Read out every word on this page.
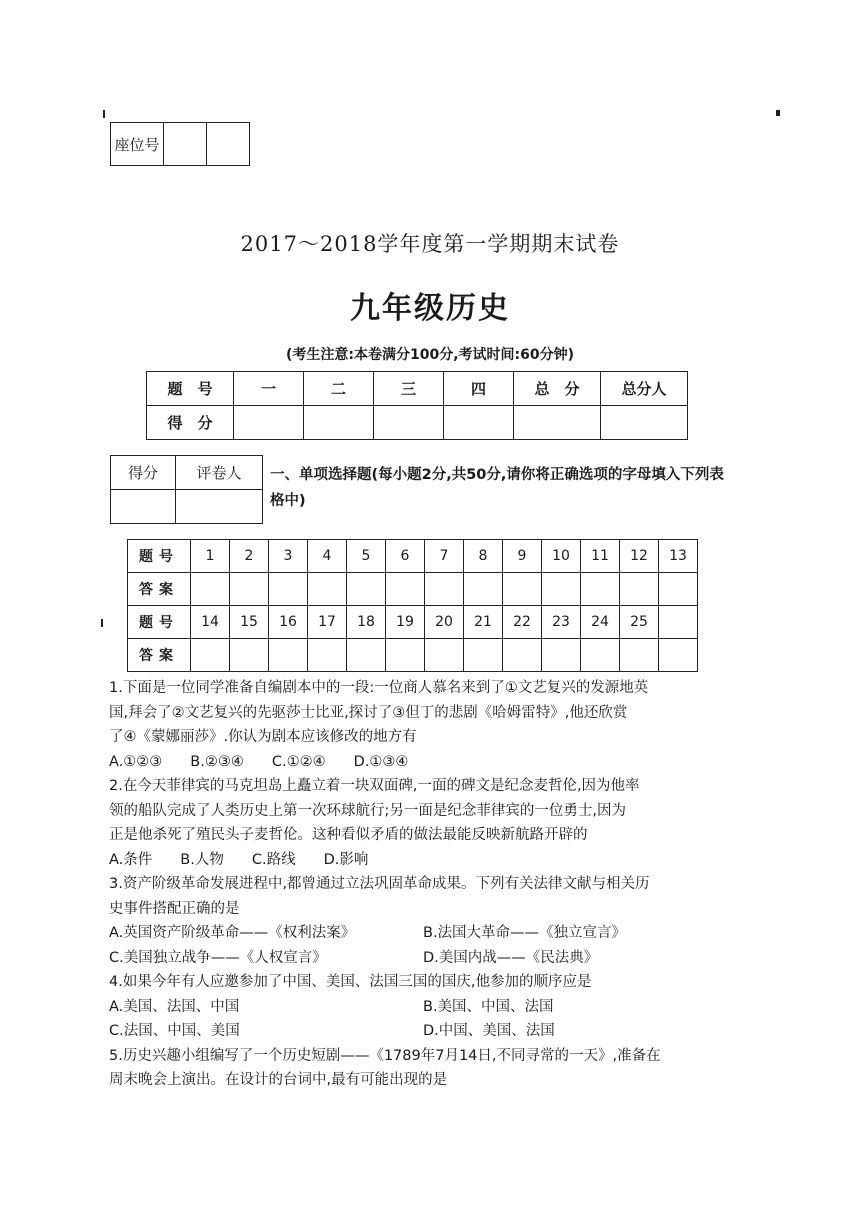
座位号		
2017～2018学年度第一学期期末试卷
九年级历史
(考生注意:本卷满分100分,考试时间:60分钟)
题　号	一	二	三	四	总　分	总分人
得　分						
得分	评卷人
	一、单项选择题(每小题2分,共50分,请你将正确选项的字母填入下列表格中)
题号	1	2	3	4	5	6	7	8	9	10	11	12	13
答案													
题号	14	15	16	17	18	19	20	21	22	23	24	25	
答案													

1.下面是一位同学准备自编剧本中的一段:一位商人慕名来到了①文艺复兴的发源地英

国,拜会了②文艺复兴的先驱莎士比亚,探讨了③但丁的悲剧《哈姆雷特》,他还欣赏

了④《蒙娜丽莎》.你认为剧本应该修改的地方有

A.①②③ B.②③④ C.①②④ D.①③④

2.在今天菲律宾的马克坦岛上矗立着一块双面碑,一面的碑文是纪念麦哲伦,因为他率

领的船队完成了人类历史上第一次环球航行;另一面是纪念菲律宾的一位勇士,因为

正是他杀死了殖民头子麦哲伦。这种看似矛盾的做法最能反映新航路开辟的

A.条件 B.人物 C.路线 D.影响

3.资产阶级革命发展进程中,都曾通过立法巩固革命成果。下列有关法律文献与相关历

史事件搭配正确的是

A.英国资产阶级革命——《权利法案》	B.法国大革命——《独立宣言》
C.美国独立战争——《人权宣言》	D.美国内战——《民法典》

4.如果今年有人应邀参加了中国、美国、法国三国的国庆,他参加的顺序应是

A.美国、法国、中国	B.美国、中国、法国
C.法国、中国、美国	D.中国、美国、法国

5.历史兴趣小组编写了一个历史短剧——《1789年7月14日,不同寻常的一天》,准备在

周末晚会上演出。在设计的台词中,最有可能出现的是
